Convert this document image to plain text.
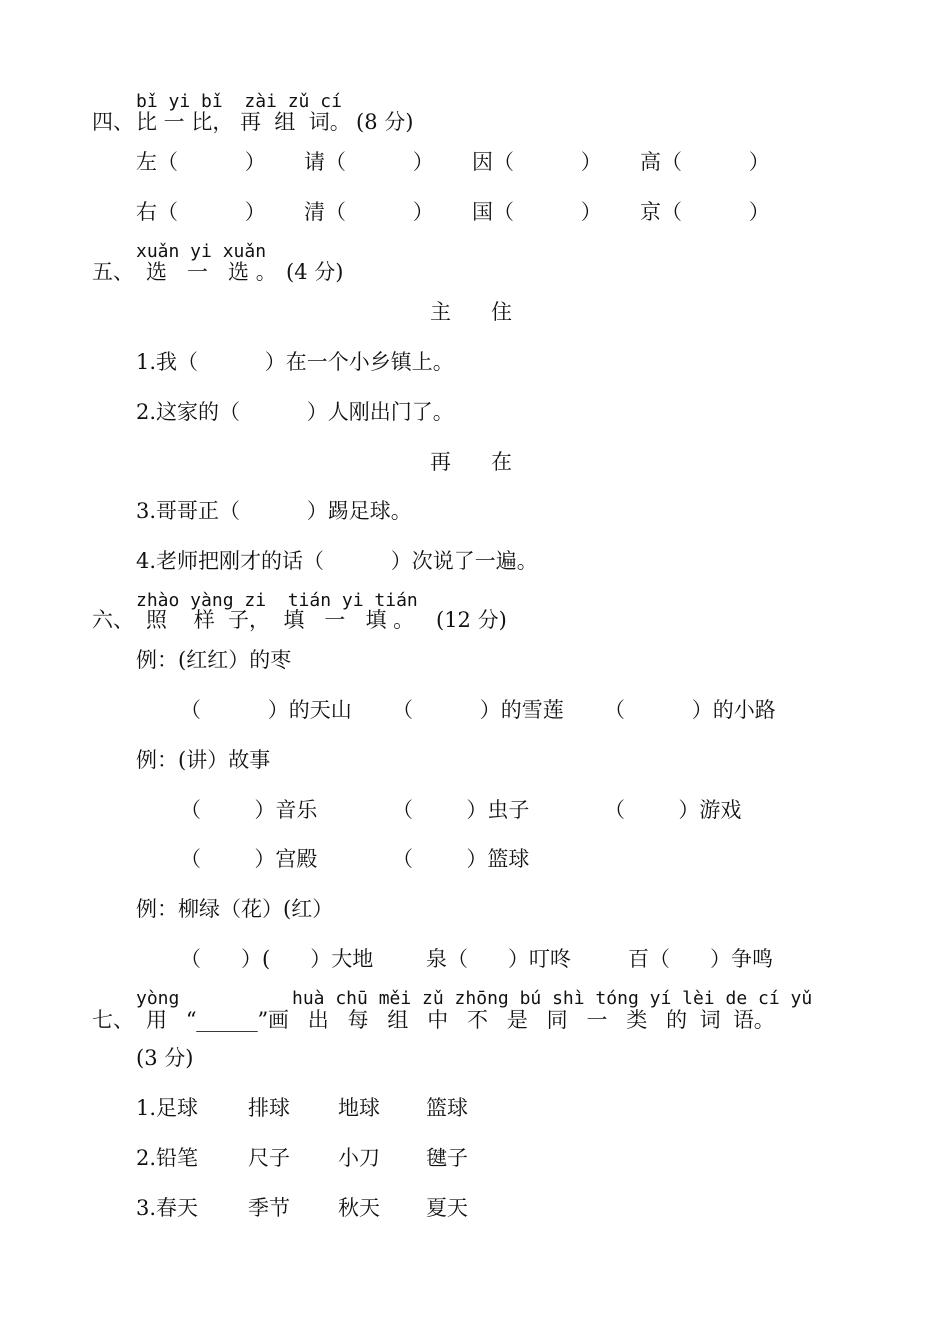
bǐ yi bǐ  zài zǔ cí
四、 比 一 比， 再  组  词。 (8 分)
左（          ） 请（          ） 因（          ） 高（          ）
右（          ） 清（          ） 国（          ） 京（          ）
xuǎn yi xuǎn
五、 选   一   选 。 (4 分)
主      住
1.我（          ）在一个小乡镇上。
2.这家的（          ）人刚出门了。
再      在
3.哥哥正（          ）踢足球。
4.老师把刚才的话（          ）次说了一遍。
zhào yàng zi  tián yi tián
六、 照    样  子，  填   一   填 。 (12 分)
例：(红红）的枣
（          ）的天山 （          ）的雪莲 （          ）的小路
例：(讲）故事
（        ）音乐	（        ）虫子	（        ）游戏
（        ）宫殿	（        ）篮球
例：柳绿（花）(红）
（      ）(      ）大地	泉（      ）叮咚	百（      ）争鸣
yòng	huà chū měi zǔ zhōng bú shì tóng yí lèi de cí yǔ
七、 用   “______”画   出   每   组   中   不   是   同   一   类   的  词  语。
(3 分)
1.足球 排球 地球 篮球
2.铅笔 尺子 小刀 毽子
3.春天 季节 秋天 夏天
